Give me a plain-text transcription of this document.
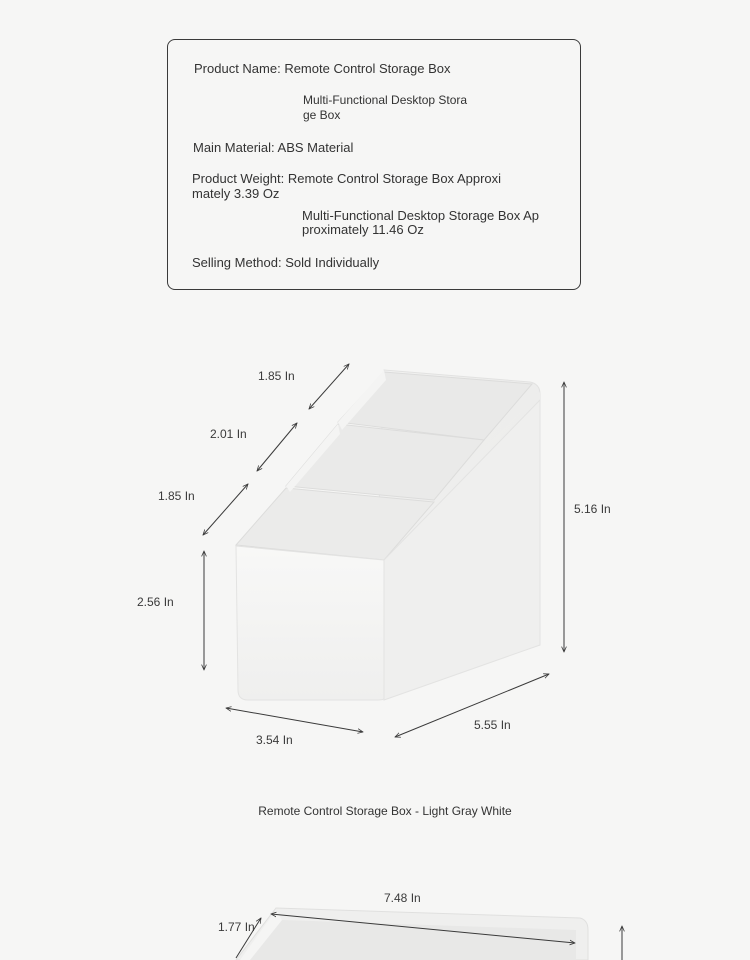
Product Name: Remote Control Storage Box
Multi-Functional Desktop Stora
ge Box
Main Material: ABS Material
Product Weight: Remote Control Storage Box Approxi
mately 3.39 Oz
Multi-Functional Desktop Storage Box Ap
proximately 11.46 Oz
Selling Method: Sold Individually
1.85 In
2.01 In
1.85 In
2.56 In
5.16 In
3.54 In
5.55 In
Remote Control Storage Box - Light Gray White
7.48 In
1.77 In
